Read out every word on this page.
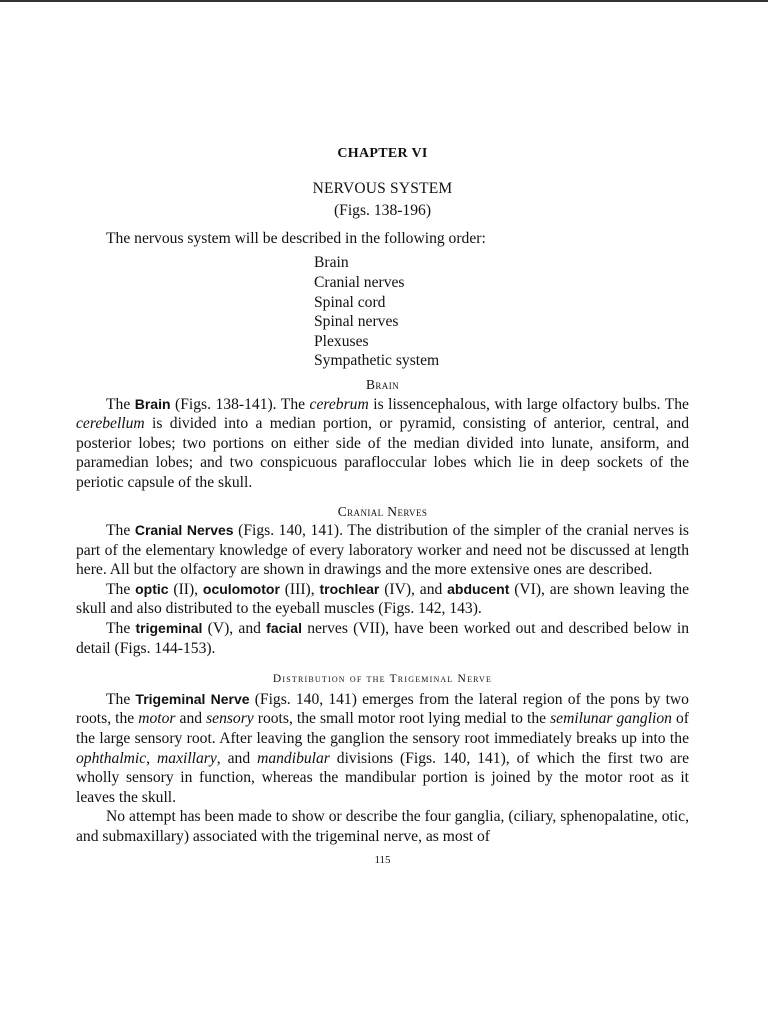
CHAPTER VI
NERVOUS SYSTEM
(Figs. 138-196)

The nervous system will be described in the following order:

Brain
Cranial nerves
Spinal cord
Spinal nerves
Plexuses
Sympathetic system
Brain

The Brain (Figs. 138-141). The cerebrum is lissencephalous, with large olfactory bulbs. The cerebellum is divided into a median portion, or pyramid, consisting of anterior, central, and posterior lobes; two portions on either side of the median divided into lunate, ansiform, and paramedian lobes; and two conspicuous parafloccular lobes which lie in deep sockets of the periotic capsule of the skull.

Cranial Nerves

The Cranial Nerves (Figs. 140, 141). The distribution of the simpler of the cranial nerves is part of the elementary knowledge of every laboratory worker and need not be discussed at length here. All but the olfactory are shown in drawings and the more extensive ones are described.

The optic (II), oculomotor (III), trochlear (IV), and abducent (VI), are shown leaving the skull and also distributed to the eyeball muscles (Figs. 142, 143).

The trigeminal (V), and facial nerves (VII), have been worked out and described below in detail (Figs. 144-153).

Distribution of the Trigeminal Nerve

The Trigeminal Nerve (Figs. 140, 141) emerges from the lateral region of the pons by two roots, the motor and sensory roots, the small motor root lying medial to the semilunar ganglion of the large sensory root. After leaving the ganglion the sensory root immediately breaks up into the ophthalmic, maxillary, and mandibular divisions (Figs. 140, 141), of which the first two are wholly sensory in function, whereas the mandibular portion is joined by the motor root as it leaves the skull.

No attempt has been made to show or describe the four ganglia, (ciliary, sphenopalatine, otic, and submaxillary) associated with the trigeminal nerve, as most of

115
